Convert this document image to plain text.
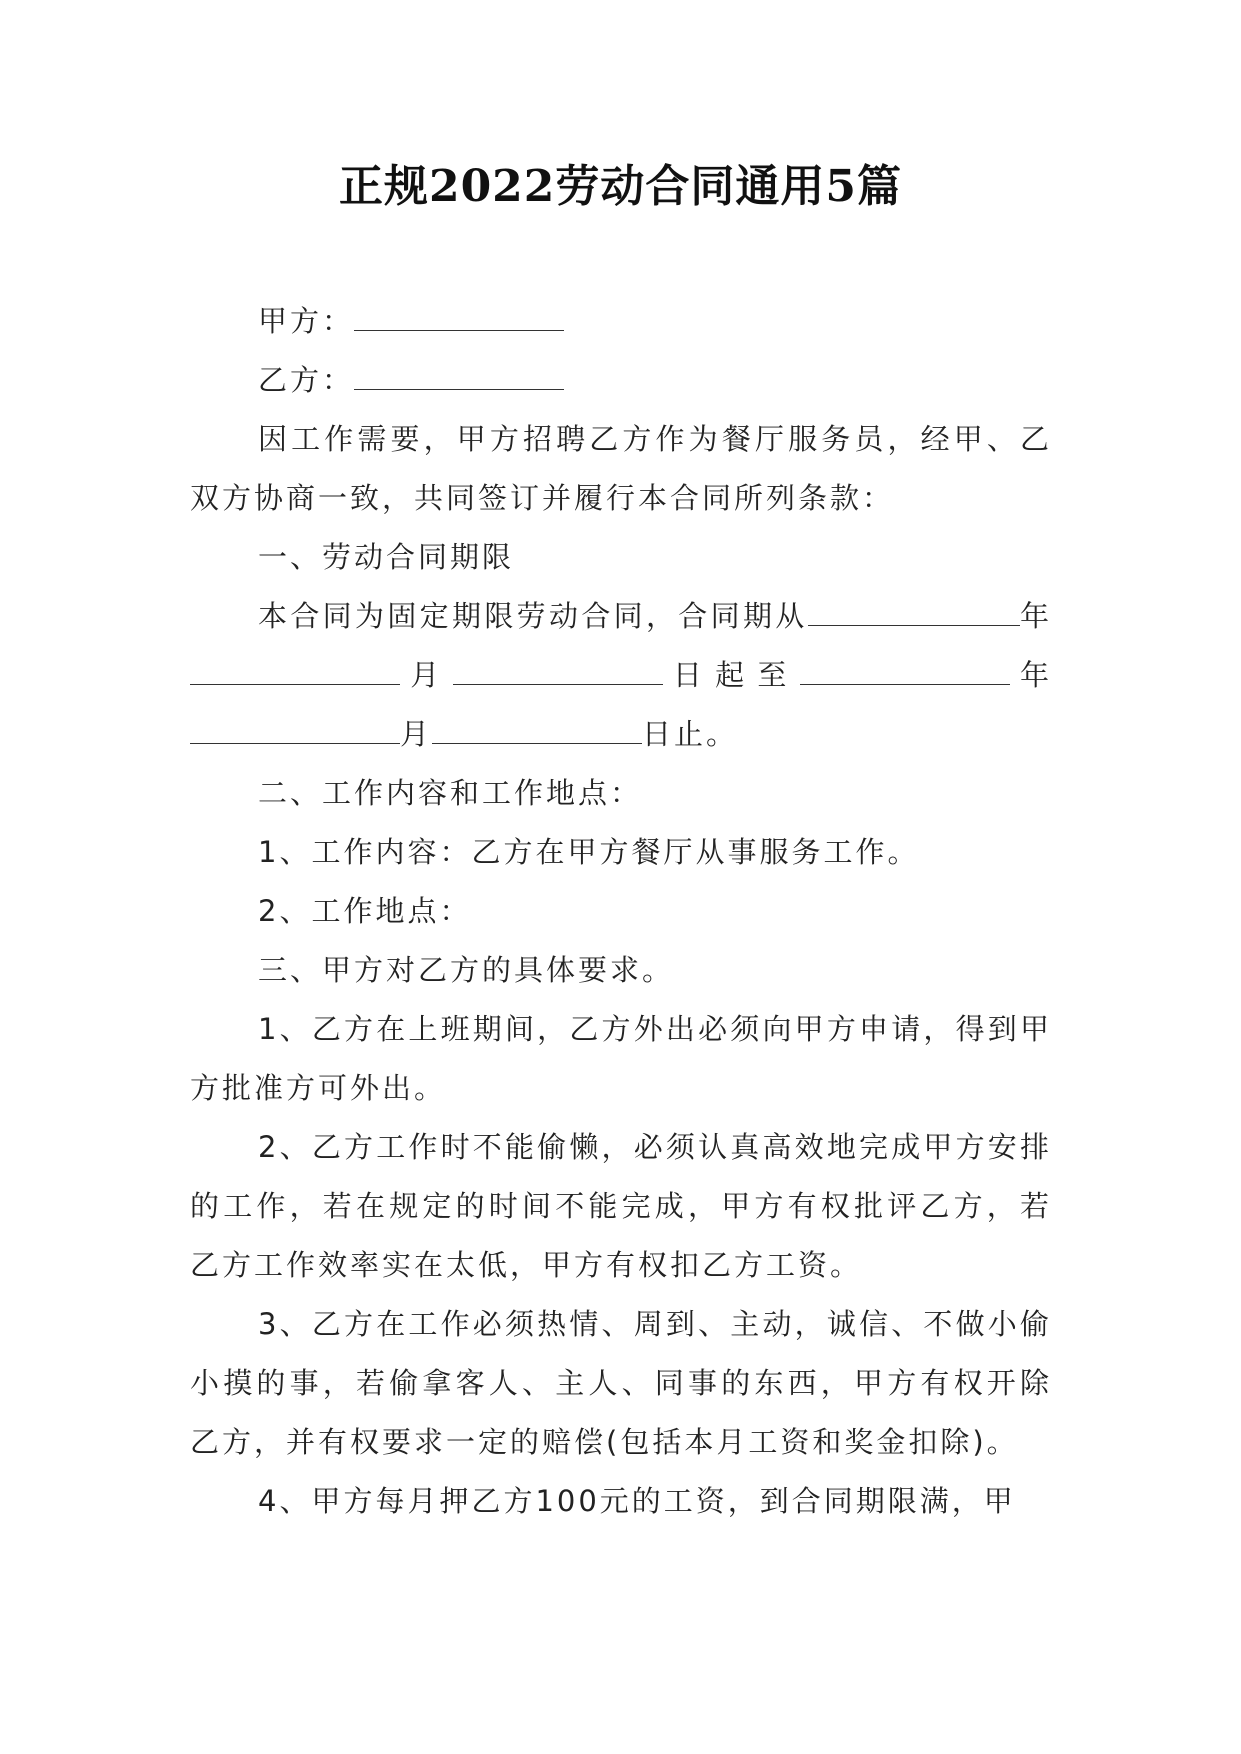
正规2022劳动合同通用5篇

甲方：

乙方：

因工作需要，甲方招聘乙方作为餐厅服务员，经甲、乙双方协商一致，共同签订并履行本合同所列条款：

一、劳动合同期限

本合同为固定期限劳动合同，合同期从	年月	日起至	年月	日止。

二、工作内容和工作地点：

1、工作内容：乙方在甲方餐厅从事服务工作。

2、工作地点：

三、甲方对乙方的具体要求。

1、乙方在上班期间，乙方外出必须向甲方申请，得到甲方批准方可外出。

2、乙方工作时不能偷懒，必须认真高效地完成甲方安排的工作，若在规定的时间不能完成，甲方有权批评乙方，若乙方工作效率实在太低，甲方有权扣乙方工资。

3、乙方在工作必须热情、周到、主动，诚信、不做小偷小摸的事，若偷拿客人、主人、同事的东西，甲方有权开除乙方，并有权要求一定的赔偿(包括本月工资和奖金扣除)。

4、甲方每月押乙方100元的工资，到合同期限满，甲
